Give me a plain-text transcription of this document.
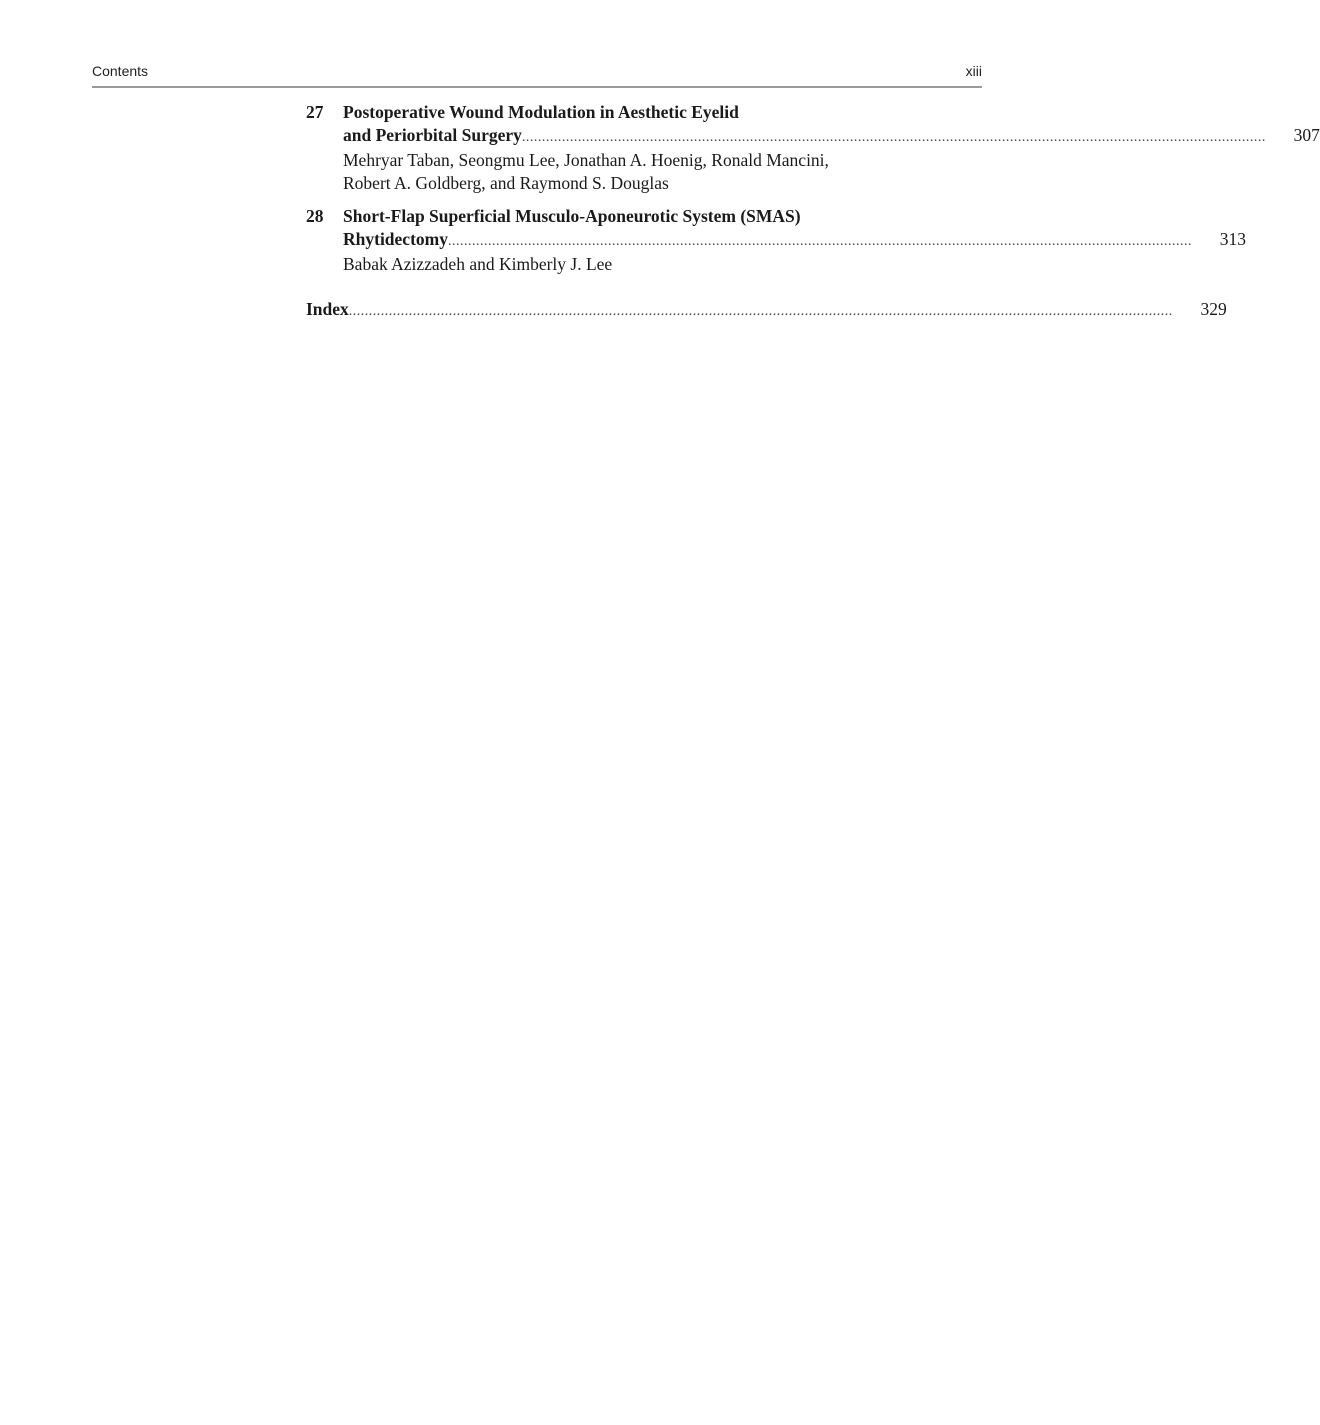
Contents	xiii
27 Postoperative Wound Modulation in Aesthetic Eyelid
and Periorbital Surgery .......................................................................................................................................................................................... 307
Mehryar Taban, Seongmu Lee, Jonathan A. Hoenig, Ronald Mancini,
Robert A. Goldberg, and Raymond S. Douglas
28 Short-Flap Superficial Musculo-Aponeurotic System (SMAS)
Rhytidectomy .......................................................................................................................................................................................... 313
Babak Azizzadeh and Kimberly J. Lee
Index .............................................................................................................................................................................................................. 329
